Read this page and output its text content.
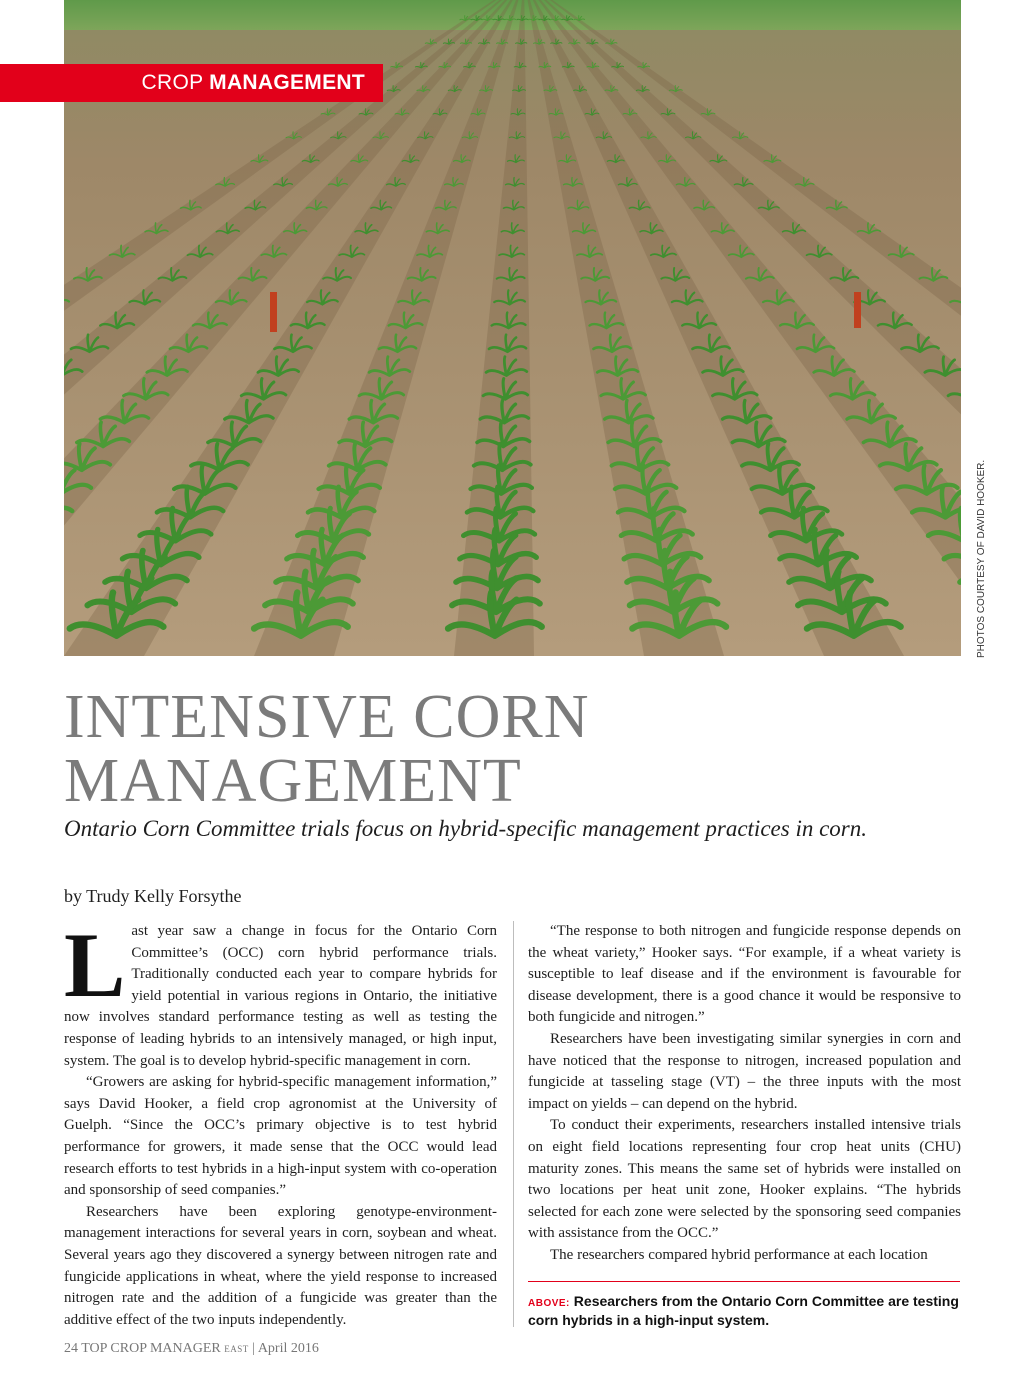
CROP MANAGEMENT
PHOTOS COURTESY OF DAVID HOOKER.
INTENSIVE CORN
MANAGEMENT

Ontario Corn Committee trials focus on hybrid-specific management practices in corn.

by Trudy Kelly Forsythe

Last year saw a change in focus for the Ontario Corn Committee’s (OCC) corn hybrid performance trials. Traditionally conducted each year to compare hybrids for yield potential in various regions in Ontario, the initiative now involves standard performance testing as well as testing the response of leading hybrids to an intensively managed, or high input, system. The goal is to develop hybrid-specific management in corn.

“Growers are asking for hybrid-specific management information,” says David Hooker, a field crop agronomist at the University of Guelph. “Since the OCC’s primary objective is to test hybrid performance for growers, it made sense that the OCC would lead research efforts to test hybrids in a high-input system with co-operation and sponsorship of seed companies.”

Researchers have been exploring genotype-environment-management interactions for several years in corn, soybean and wheat. Several years ago they discovered a synergy between nitrogen rate and fungicide applications in wheat, where the yield response to increased nitrogen rate and the addition of a fungicide was greater than the additive effect of the two inputs independently.

“The response to both nitrogen and fungicide response depends on the wheat variety,” Hooker says. “For example, if a wheat variety is susceptible to leaf disease and if the environment is favourable for disease development, there is a good chance it would be responsive to both fungicide and nitrogen.”

Researchers have been investigating similar synergies in corn and have noticed that the response to nitrogen, increased population and fungicide at tasseling stage (VT) – the three inputs with the most impact on yields – can depend on the hybrid.

To conduct their experiments, researchers installed intensive trials on eight field locations representing four crop heat units (CHU) maturity zones. This means the same set of hybrids were installed on two locations per heat unit zone, Hooker explains. “The hybrids selected for each zone were selected by the sponsoring seed companies with assistance from the OCC.”

The researchers compared hybrid performance at each location

ABOVE: Researchers from the Ontario Corn Committee are testing corn hybrids in a high-input system.
24 TOP CROP MANAGER EAST | April 2016
